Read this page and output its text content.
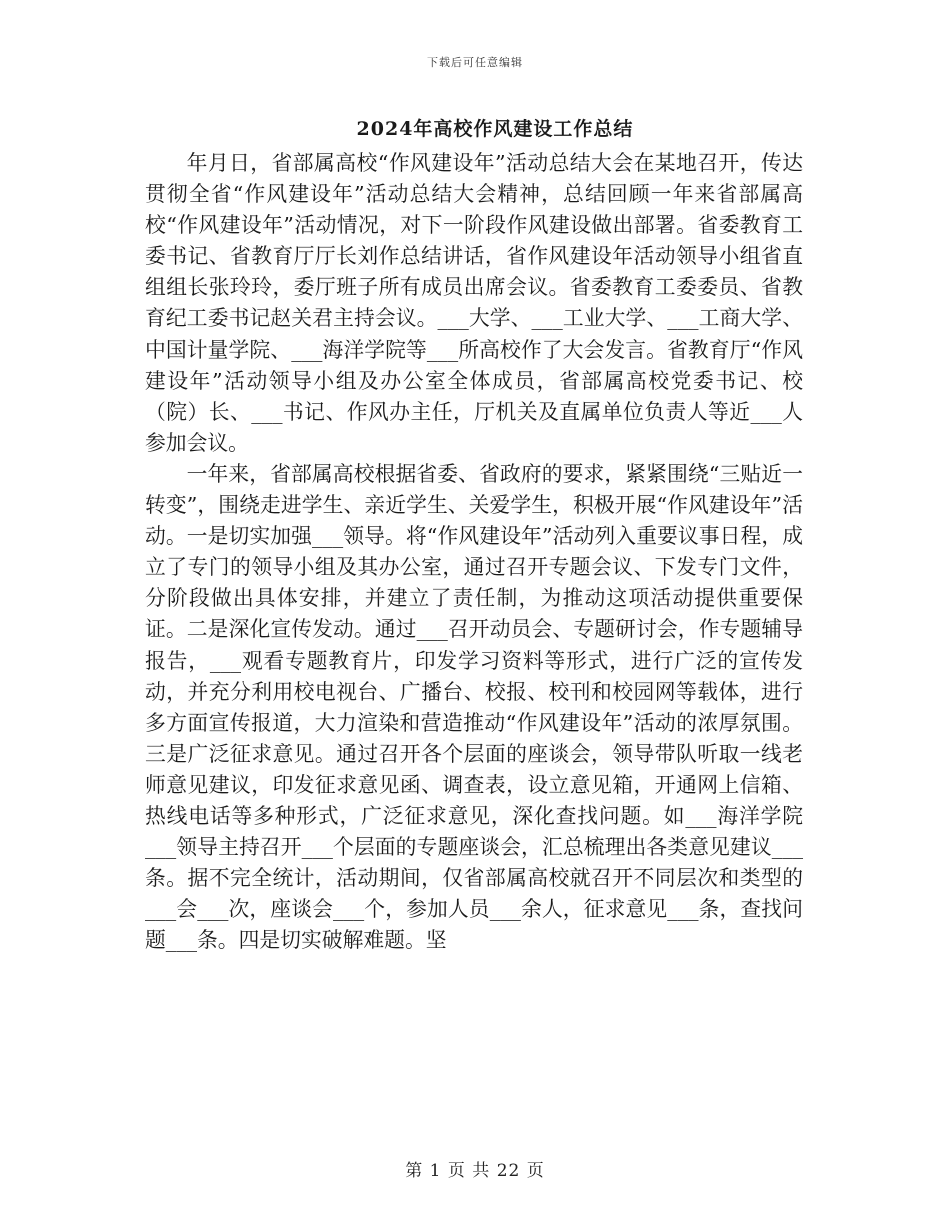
下载后可任意编辑
2024年高校作风建设工作总结

年月日，省部属高校“作风建设年”活动总结大会在某地召开，传达贯彻全省“作风建设年”活动总结大会精神，总结回顾一年来省部属高校“作风建设年”活动情况，对下一阶段作风建设做出部署。省委教育工委书记、省教育厅厅长刘作总结讲话，省作风建设年活动领导小组省直组组长张玲玲，委厅班子所有成员出席会议。省委教育工委委员、省教育纪工委书记赵关君主持会议。___大学、___工业大学、___工商大学、中国计量学院、___海洋学院等___所高校作了大会发言。省教育厅“作风建设年”活动领导小组及办公室全体成员，省部属高校党委书记、校（院）长、___书记、作风办主任，厅机关及直属单位负责人等近___人参加会议。

一年来，省部属高校根据省委、省政府的要求，紧紧围绕“三贴近一转变”，围绕走进学生、亲近学生、关爱学生，积极开展“作风建设年”活动。一是切实加强___领导。将“作风建设年”活动列入重要议事日程，成立了专门的领导小组及其办公室，通过召开专题会议、下发专门文件，分阶段做出具体安排，并建立了责任制，为推动这项活动提供重要保证。二是深化宣传发动。通过___召开动员会、专题研讨会，作专题辅导报告，___观看专题教育片，印发学习资料等形式，进行广泛的宣传发动，并充分利用校电视台、广播台、校报、校刊和校园网等载体，进行多方面宣传报道，大力渲染和营造推动“作风建设年”活动的浓厚氛围。三是广泛征求意见。通过召开各个层面的座谈会，领导带队听取一线老师意见建议，印发征求意见函、调查表，设立意见箱，开通网上信箱、热线电话等多种形式，广泛征求意见，深化查找问题。如___海洋学院___领导主持召开___个层面的专题座谈会，汇总梳理出各类意见建议___条。据不完全统计，活动期间，仅省部属高校就召开不同层次和类型的___会___次，座谈会___个，参加人员___余人，征求意见___条，查找问题___条。四是切实破解难题。坚

第 1 页 共 22 页
